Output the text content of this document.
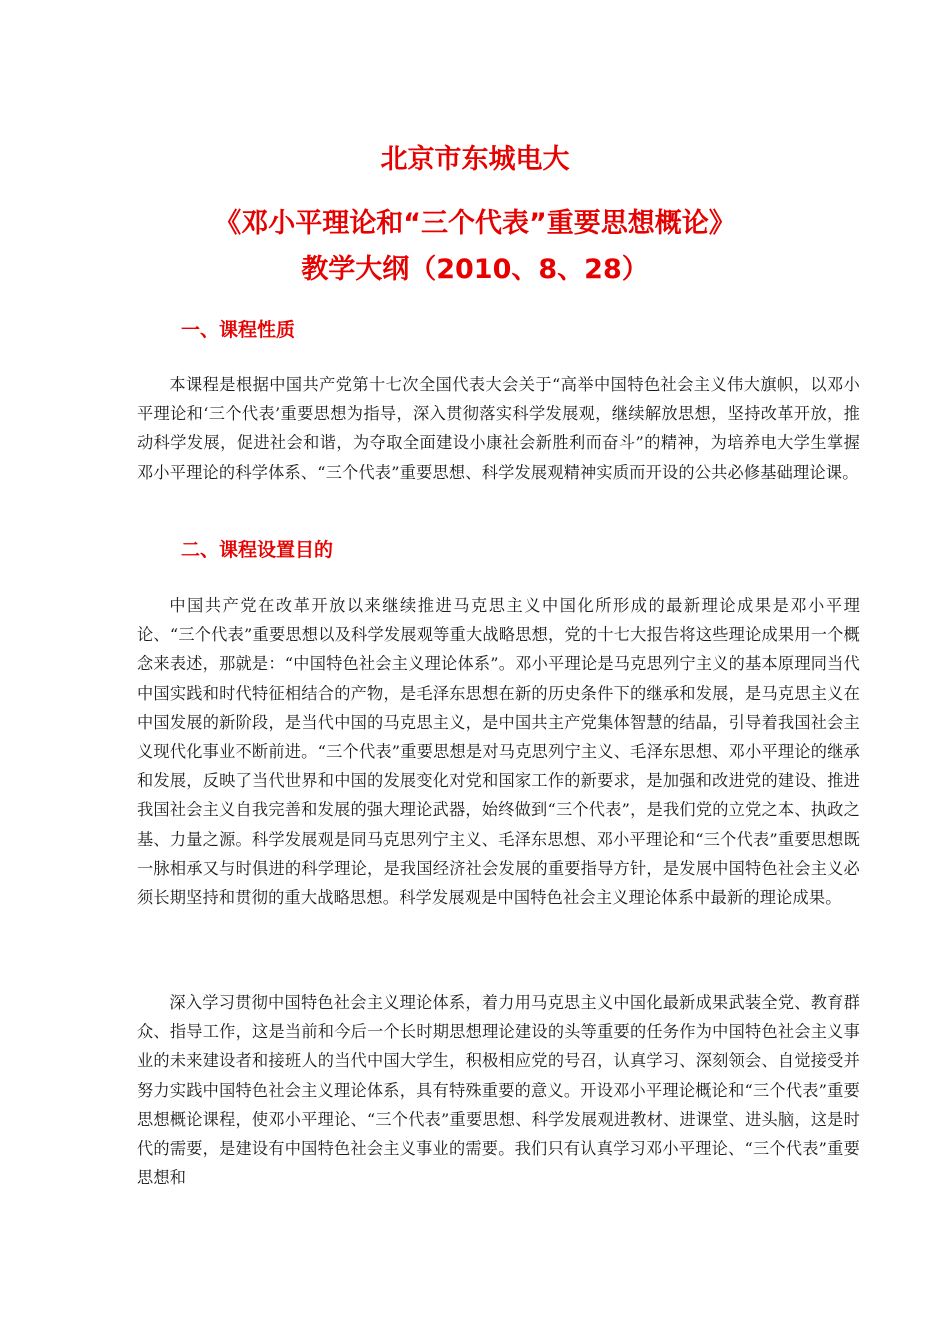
北京市东城电大
《邓小平理论和“三个代表”重要思想概论》
教学大纲（2010、8、28）
一、课程性质

本课程是根据中国共产党第十七次全国代表大会关于“高举中国特色社会主义伟大旗帜，以邓小平理论和‘三个代表’重要思想为指导，深入贯彻落实科学发展观，继续解放思想，坚持改革开放，推动科学发展，促进社会和谐，为夺取全面建设小康社会新胜利而奋斗”的精神，为培养电大学生掌握邓小平理论的科学体系、“三个代表”重要思想、科学发展观精神实质而开设的公共必修基础理论课。

二、课程设置目的

中国共产党在改革开放以来继续推进马克思主义中国化所形成的最新理论成果是邓小平理论、“三个代表”重要思想以及科学发展观等重大战略思想，党的十七大报告将这些理论成果用一个概念来表述，那就是：“中国特色社会主义理论体系”。邓小平理论是马克思列宁主义的基本原理同当代中国实践和时代特征相结合的产物，是毛泽东思想在新的历史条件下的继承和发展，是马克思主义在中国发展的新阶段，是当代中国的马克思主义，是中国共主产党集体智慧的结晶，引导着我国社会主义现代化事业不断前进。“三个代表”重要思想是对马克思列宁主义、毛泽东思想、邓小平理论的继承和发展，反映了当代世界和中国的发展变化对党和国家工作的新要求，是加强和改进党的建设、推进我国社会主义自我完善和发展的强大理论武器，始终做到“三个代表”，是我们党的立党之本、执政之基、力量之源。科学发展观是同马克思列宁主义、毛泽东思想、邓小平理论和“三个代表”重要思想既一脉相承又与时俱进的科学理论，是我国经济社会发展的重要指导方针，是发展中国特色社会主义必须长期坚持和贯彻的重大战略思想。科学发展观是中国特色社会主义理论体系中最新的理论成果。

深入学习贯彻中国特色社会主义理论体系，着力用马克思主义中国化最新成果武装全党、教育群众、指导工作，这是当前和今后一个长时期思想理论建设的头等重要的任务作为中国特色社会主义事业的未来建设者和接班人的当代中国大学生，积极相应党的号召，认真学习、深刻领会、自觉接受并努力实践中国特色社会主义理论体系，具有特殊重要的意义。开设邓小平理论概论和“三个代表”重要思想概论课程，使邓小平理论、“三个代表”重要思想、科学发展观进教材、进课堂、进头脑，这是时代的需要，是建设有中国特色社会主义事业的需要。我们只有认真学习邓小平理论、“三个代表”重要思想和
